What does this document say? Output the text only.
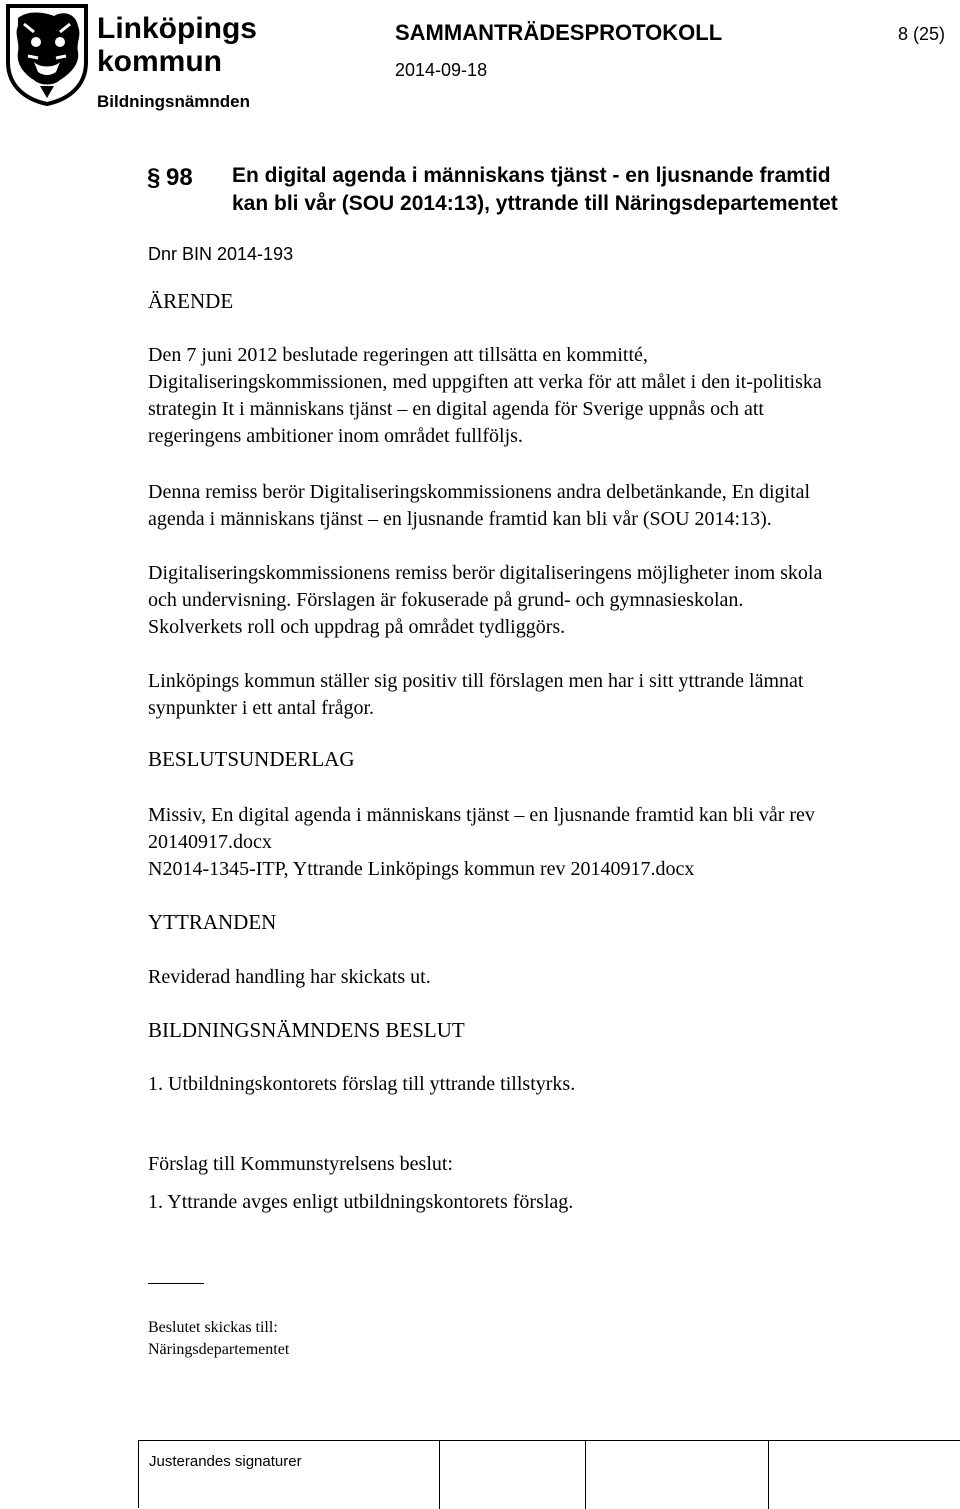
Linköpings
kommun
Bildningsnämnden
SAMMANTRÄDESPROTOKOLL
2014-09-18
8 (25)
§ 98 En digital agenda i människans tjänst - en ljusnande framtid
kan bli vår (SOU 2014:13), yttrande till Näringsdepartementet
Dnr BIN 2014-193
ÄRENDE
Den 7 juni 2012 beslutade regeringen att tillsätta en kommitté,
Digitaliseringskommissionen, med uppgiften att verka för att målet i den it-politiska
strategin It i människans tjänst – en digital agenda för Sverige uppnås och att
regeringens ambitioner inom området fullföljs.
Denna remiss berör Digitaliseringskommissionens andra delbetänkande, En digital
agenda i människans tjänst – en ljusnande framtid kan bli vår (SOU 2014:13).
Digitaliseringskommissionens remiss berör digitaliseringens möjligheter inom skola
och undervisning. Förslagen är fokuserade på grund- och gymnasieskolan.
Skolverkets roll och uppdrag på området tydliggörs.
Linköpings kommun ställer sig positiv till förslagen men har i sitt yttrande lämnat
synpunkter i ett antal frågor.
BESLUTSUNDERLAG
Missiv, En digital agenda i människans tjänst – en ljusnande framtid kan bli vår rev
20140917.docx
N2014-1345-ITP, Yttrande Linköpings kommun rev 20140917.docx
YTTRANDEN
Reviderad handling har skickats ut.
BILDNINGSNÄMNDENS BESLUT
1. Utbildningskontorets förslag till yttrande tillstyrks.
Förslag till Kommunstyrelsens beslut:
1. Yttrande avges enligt utbildningskontorets förslag.
Beslutet skickas till:
Näringsdepartementet
Justerandes signaturer
